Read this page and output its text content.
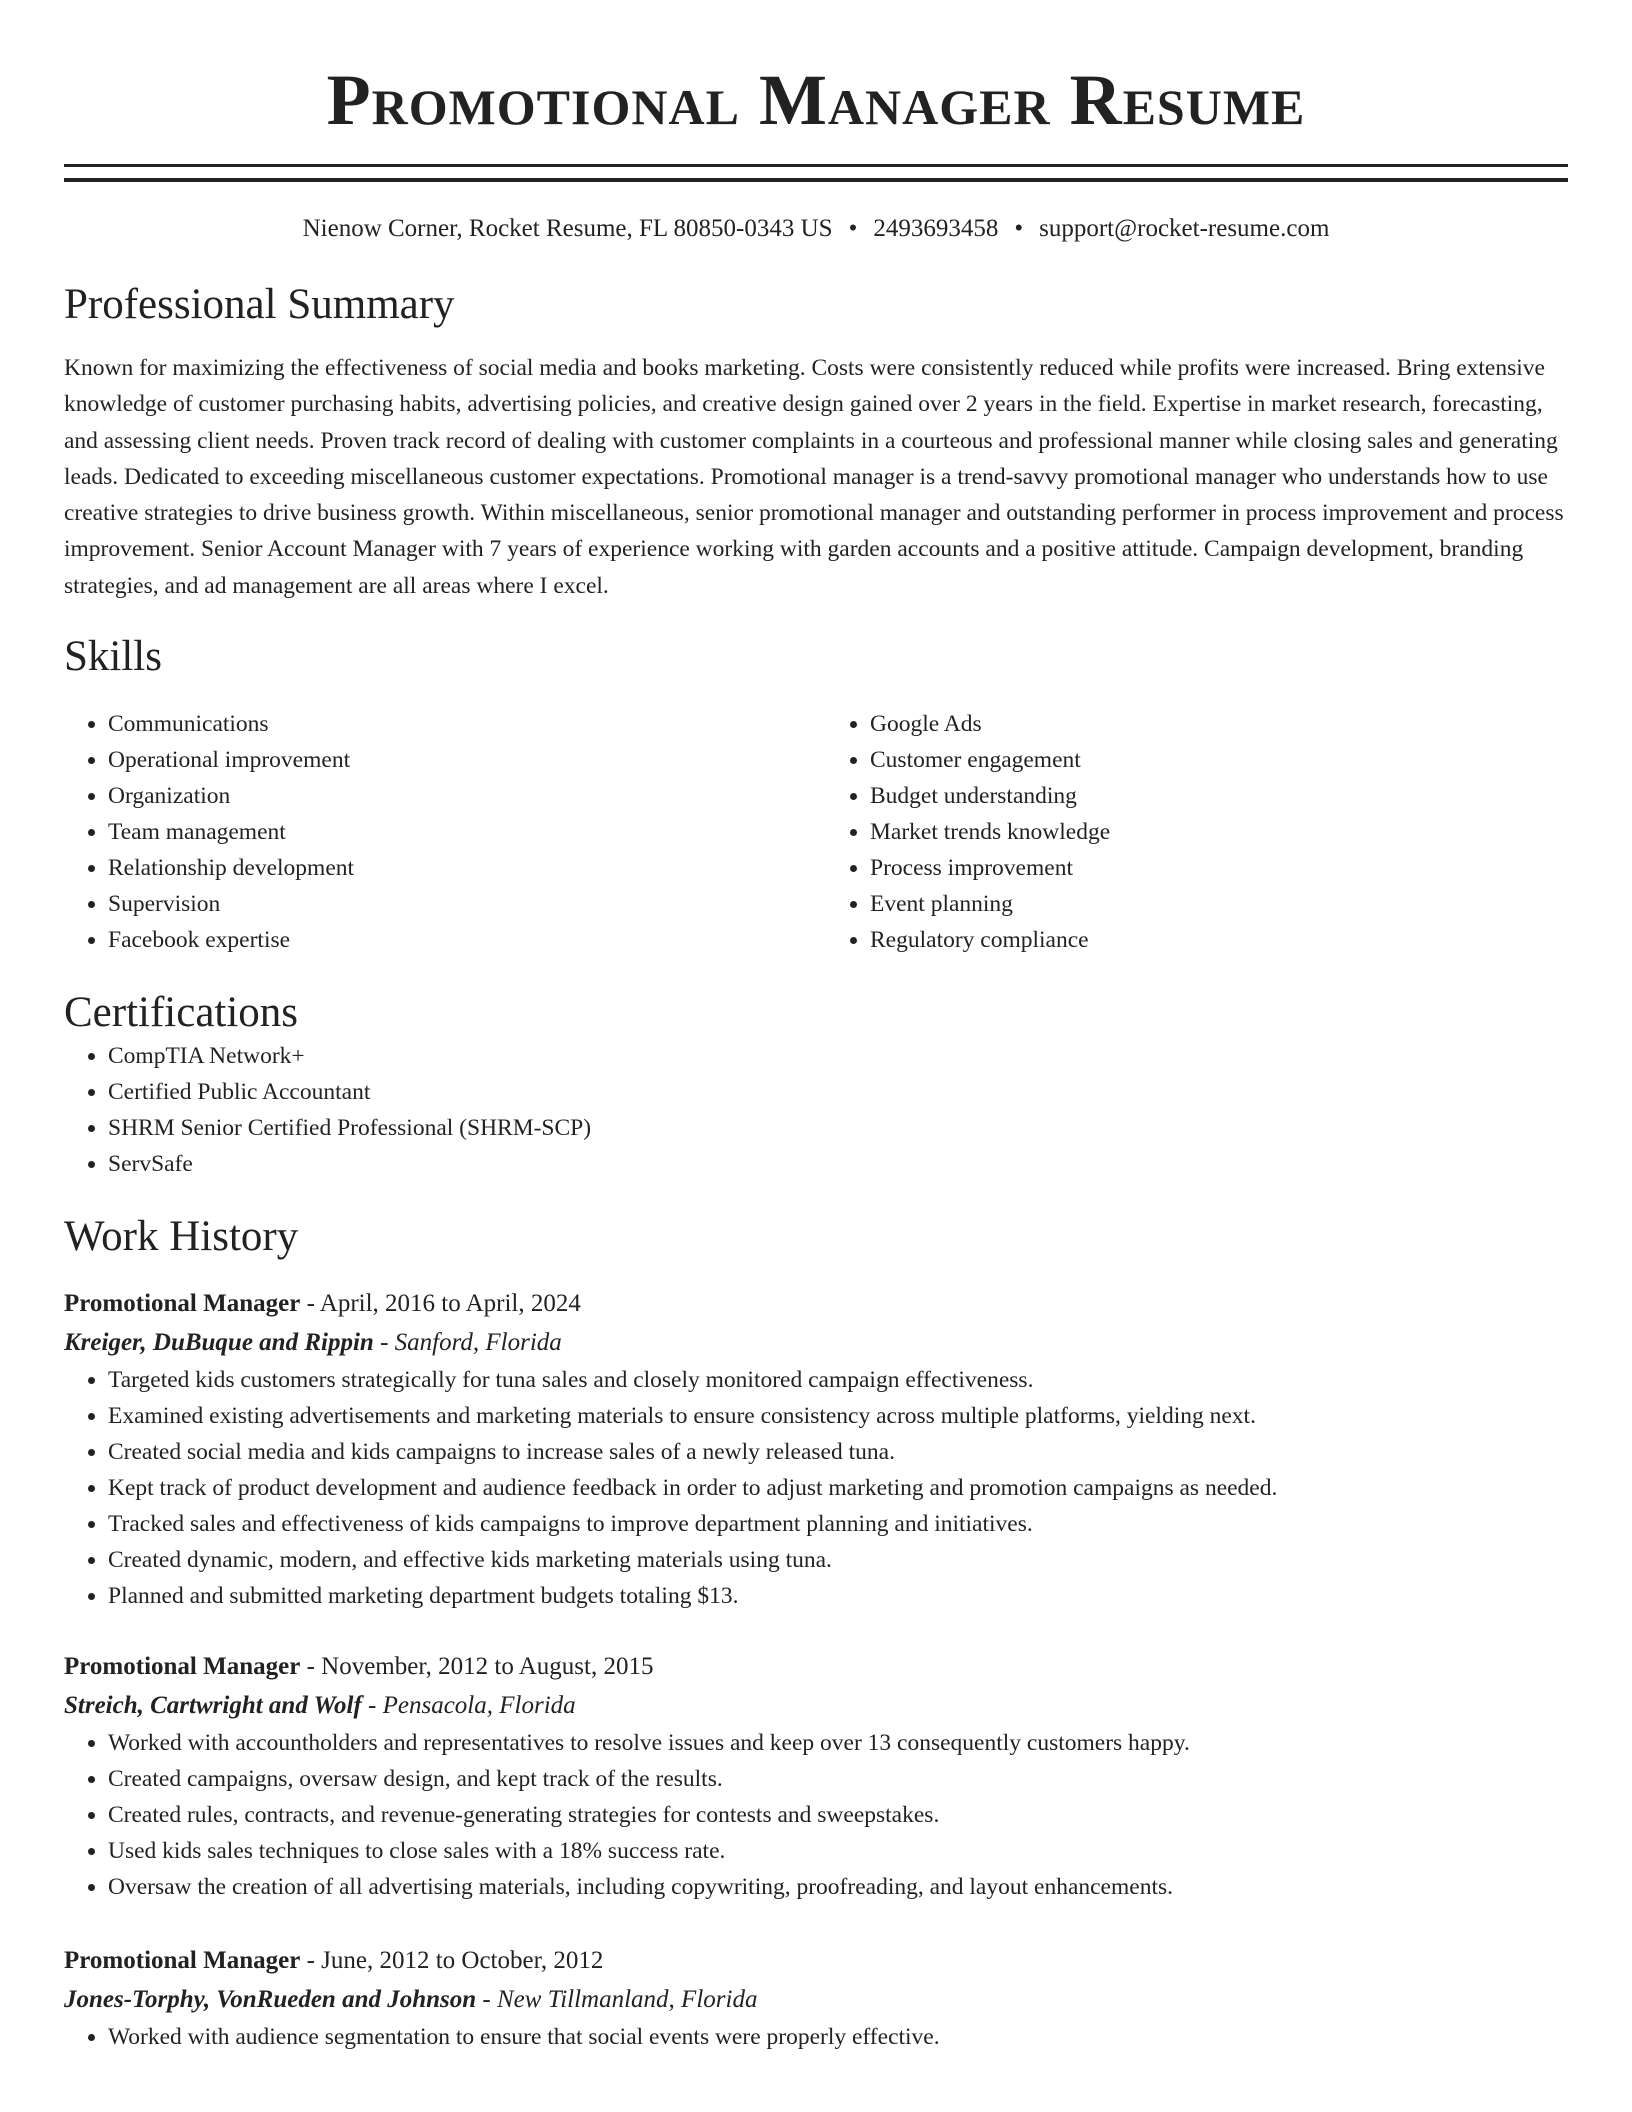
Promotional Manager Resume
Nienow Corner, Rocket Resume, FL 80850-0343 US • 2493693458 • support@rocket-resume.com
Professional Summary

Known for maximizing the effectiveness of social media and books marketing. Costs were consistently reduced while profits were increased. Bring extensive knowledge of customer purchasing habits, advertising policies, and creative design gained over 2 years in the field. Expertise in market research, forecasting, and assessing client needs. Proven track record of dealing with customer complaints in a courteous and professional manner while closing sales and generating leads. Dedicated to exceeding miscellaneous customer expectations. Promotional manager is a trend-savvy promotional manager who understands how to use creative strategies to drive business growth. Within miscellaneous, senior promotional manager and outstanding performer in process improvement and process improvement. Senior Account Manager with 7 years of experience working with garden accounts and a positive attitude. Campaign development, branding strategies, and ad management are all areas where I excel.

Skills
• Communications
• Operational improvement
• Organization
• Team management
• Relationship development
• Supervision
• Facebook expertise
• Google Ads
• Customer engagement
• Budget understanding
• Market trends knowledge
• Process improvement
• Event planning
• Regulatory compliance
Certifications
• CompTIA Network+
• Certified Public Accountant
• SHRM Senior Certified Professional (SHRM-SCP)
• ServSafe
Work History
Promotional Manager - April, 2016 to April, 2024
Kreiger, DuBuque and Rippin - Sanford, Florida
• Targeted kids customers strategically for tuna sales and closely monitored campaign effectiveness.
• Examined existing advertisements and marketing materials to ensure consistency across multiple platforms, yielding next.
• Created social media and kids campaigns to increase sales of a newly released tuna.
• Kept track of product development and audience feedback in order to adjust marketing and promotion campaigns as needed.
• Tracked sales and effectiveness of kids campaigns to improve department planning and initiatives.
• Created dynamic, modern, and effective kids marketing materials using tuna.
• Planned and submitted marketing department budgets totaling $13.
Promotional Manager - November, 2012 to August, 2015
Streich, Cartwright and Wolf - Pensacola, Florida
• Worked with accountholders and representatives to resolve issues and keep over 13 consequently customers happy.
• Created campaigns, oversaw design, and kept track of the results.
• Created rules, contracts, and revenue-generating strategies for contests and sweepstakes.
• Used kids sales techniques to close sales with a 18% success rate.
• Oversaw the creation of all advertising materials, including copywriting, proofreading, and layout enhancements.
Promotional Manager - June, 2012 to October, 2012
Jones-Torphy, VonRueden and Johnson - New Tillmanland, Florida
• Worked with audience segmentation to ensure that social events were properly effective.
